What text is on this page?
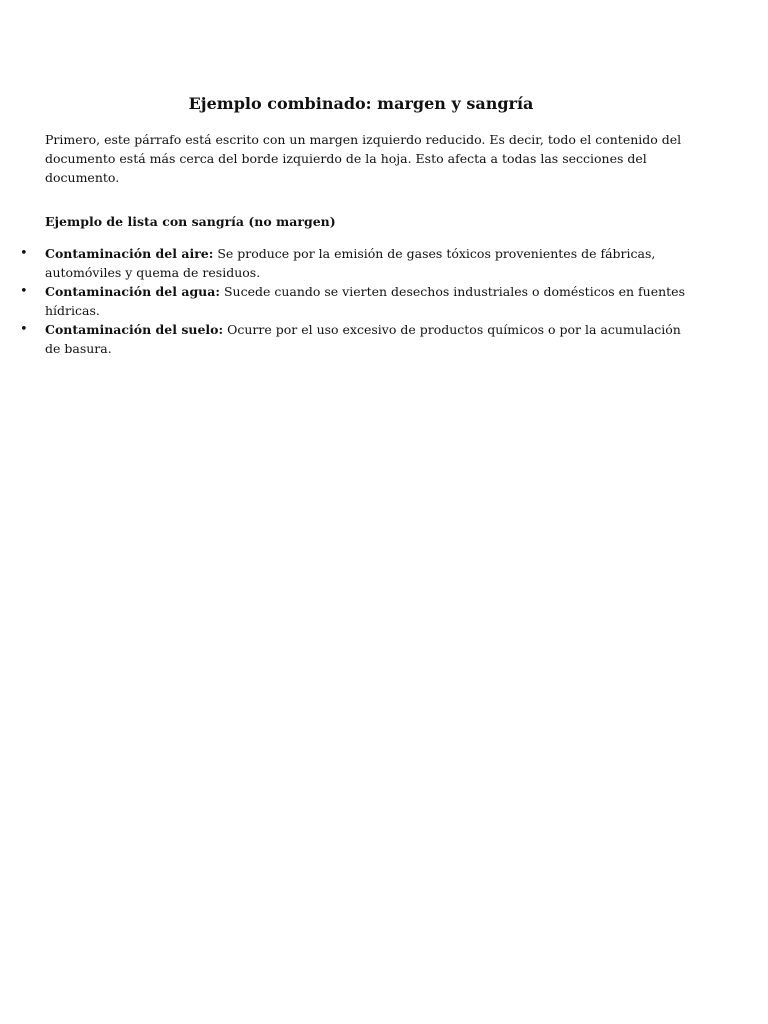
Ejemplo combinado: margen y sangría

Primero, este párrafo está escrito con un margen izquierdo reducido. Es decir, todo el contenido del documento está más cerca del borde izquierdo de la hoja. Esto afecta a todas las secciones del documento.

Ejemplo de lista con sangría (no margen)

• Contaminación del aire: Se produce por la emisión de gases tóxicos provenientes de fábricas, automóviles y quema de residuos.
• Contaminación del agua: Sucede cuando se vierten desechos industriales o domésticos en fuentes hídricas.
• Contaminación del suelo: Ocurre por el uso excesivo de productos químicos o por la acumulación de basura.
